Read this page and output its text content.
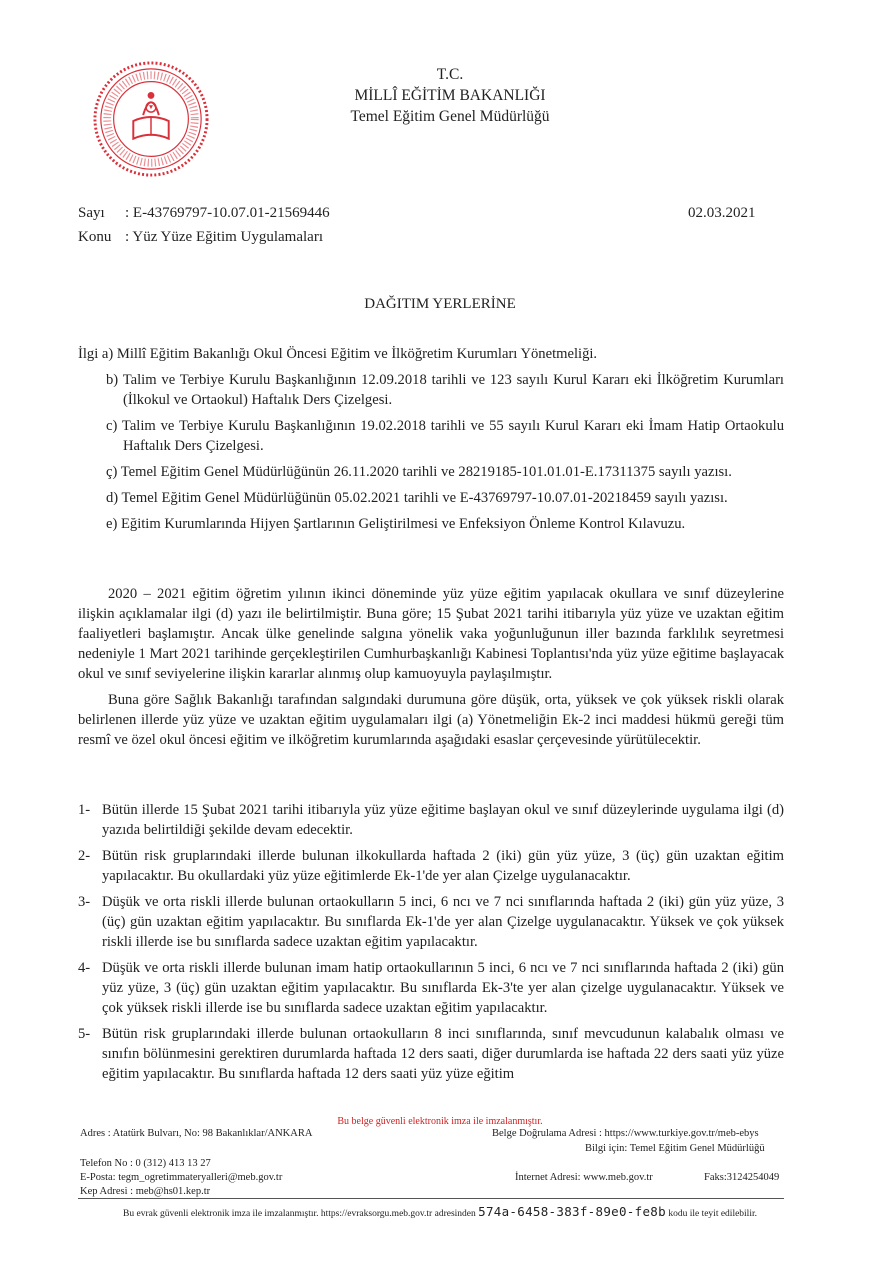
T.C.
MİLLÎ EĞİTİM BAKANLIĞI
Temel Eğitim Genel Müdürlüğü
Sayı : E-43769797-10.07.01-21569446
Konu : Yüz Yüze Eğitim Uygulamaları
02.03.2021
DAĞITIM YERLERİNE
İlgi a) Millî Eğitim Bakanlığı Okul Öncesi Eğitim ve İlköğretim Kurumları Yönetmeliği.
b) Talim ve Terbiye Kurulu Başkanlığının 12.09.2018 tarihli ve 123 sayılı Kurul Kararı eki İlköğretim Kurumları (İlkokul ve Ortaokul) Haftalık Ders Çizelgesi.
c) Talim ve Terbiye Kurulu Başkanlığının 19.02.2018 tarihli ve 55 sayılı Kurul Kararı eki İmam Hatip Ortaokulu Haftalık Ders Çizelgesi.
ç) Temel Eğitim Genel Müdürlüğünün 26.11.2020 tarihli ve 28219185-101.01.01-E.17311375 sayılı yazısı.
d) Temel Eğitim Genel Müdürlüğünün 05.02.2021 tarihli ve E-43769797-10.07.01-20218459 sayılı yazısı.
e) Eğitim Kurumlarında Hijyen Şartlarının Geliştirilmesi ve Enfeksiyon Önleme Kontrol Kılavuzu.

2020 – 2021 eğitim öğretim yılının ikinci döneminde yüz yüze eğitim yapılacak okullara ve sınıf düzeylerine ilişkin açıklamalar ilgi (d) yazı ile belirtilmiştir. Buna göre; 15 Şubat 2021 tarihi itibarıyla yüz yüze ve uzaktan eğitim faaliyetleri başlamıştır. Ancak ülke genelinde salgına yönelik vaka yoğunluğunun iller bazında farklılık seyretmesi nedeniyle 1 Mart 2021 tarihinde gerçekleştirilen Cumhurbaşkanlığı Kabinesi Toplantısı'nda yüz yüze eğitime başlayacak okul ve sınıf seviyelerine ilişkin kararlar alınmış olup kamuoyuyla paylaşılmıştır.

Buna göre Sağlık Bakanlığı tarafından salgındaki durumuna göre düşük, orta, yüksek ve çok yüksek riskli olarak belirlenen illerde yüz yüze ve uzaktan eğitim uygulamaları ilgi (a) Yönetmeliğin Ek-2 inci maddesi hükmü gereği tüm resmî ve özel okul öncesi eğitim ve ilköğretim kurumlarında aşağıdaki esaslar çerçevesinde yürütülecektir.

1- Bütün illerde 15 Şubat 2021 tarihi itibarıyla yüz yüze eğitime başlayan okul ve sınıf düzeylerinde uygulama ilgi (d) yazıda belirtildiği şekilde devam edecektir.
2- Bütün risk gruplarındaki illerde bulunan ilkokullarda haftada 2 (iki) gün yüz yüze, 3 (üç) gün uzaktan eğitim yapılacaktır. Bu okullardaki yüz yüze eğitimlerde Ek-1'de yer alan Çizelge uygulanacaktır.
3- Düşük ve orta riskli illerde bulunan ortaokulların 5 inci, 6 ncı ve 7 nci sınıflarında haftada 2 (iki) gün yüz yüze, 3 (üç) gün uzaktan eğitim yapılacaktır. Bu sınıflarda Ek-1'de yer alan Çizelge uygulanacaktır. Yüksek ve çok yüksek riskli illerde ise bu sınıflarda sadece uzaktan eğitim yapılacaktır.
4- Düşük ve orta riskli illerde bulunan imam hatip ortaokullarının 5 inci, 6 ncı ve 7 nci sınıflarında haftada 2 (iki) gün yüz yüze, 3 (üç) gün uzaktan eğitim yapılacaktır. Bu sınıflarda Ek-3'te yer alan çizelge uygulanacaktır. Yüksek ve çok yüksek riskli illerde ise bu sınıflarda sadece uzaktan eğitim yapılacaktır.
5- Bütün risk gruplarındaki illerde bulunan ortaokulların 8 inci sınıflarında, sınıf mevcudunun kalabalık olması ve sınıfın bölünmesini gerektiren durumlarda haftada 12 ders saati, diğer durumlarda ise haftada 22 ders saati yüz yüze eğitim yapılacaktır. Bu sınıflarda haftada 12 ders saati yüz yüze eğitim
Bu belge güvenli elektronik imza ile imzalanmıştır.
Adres : Atatürk Bulvarı, No: 98 Bakanlıklar/ANKARA	Belge Doğrulama Adresi : https://www.turkiye.gov.tr/meb-ebys
Bilgi için: Temel Eğitim Genel Müdürlüğü
Telefon No : 0 (312) 413 13 27
E-Posta: tegm_ogretimmateryalleri@meb.gov.tr	İnternet Adresi: www.meb.gov.tr	Faks:3124254049
Kep Adresi : meb@hs01.kep.tr
Bu evrak güvenli elektronik imza ile imzalanmıştır. https://evraksorgu.meb.gov.tr adresinden 574a-6458-383f-89e0-fe8b kodu ile teyit edilebilir.
